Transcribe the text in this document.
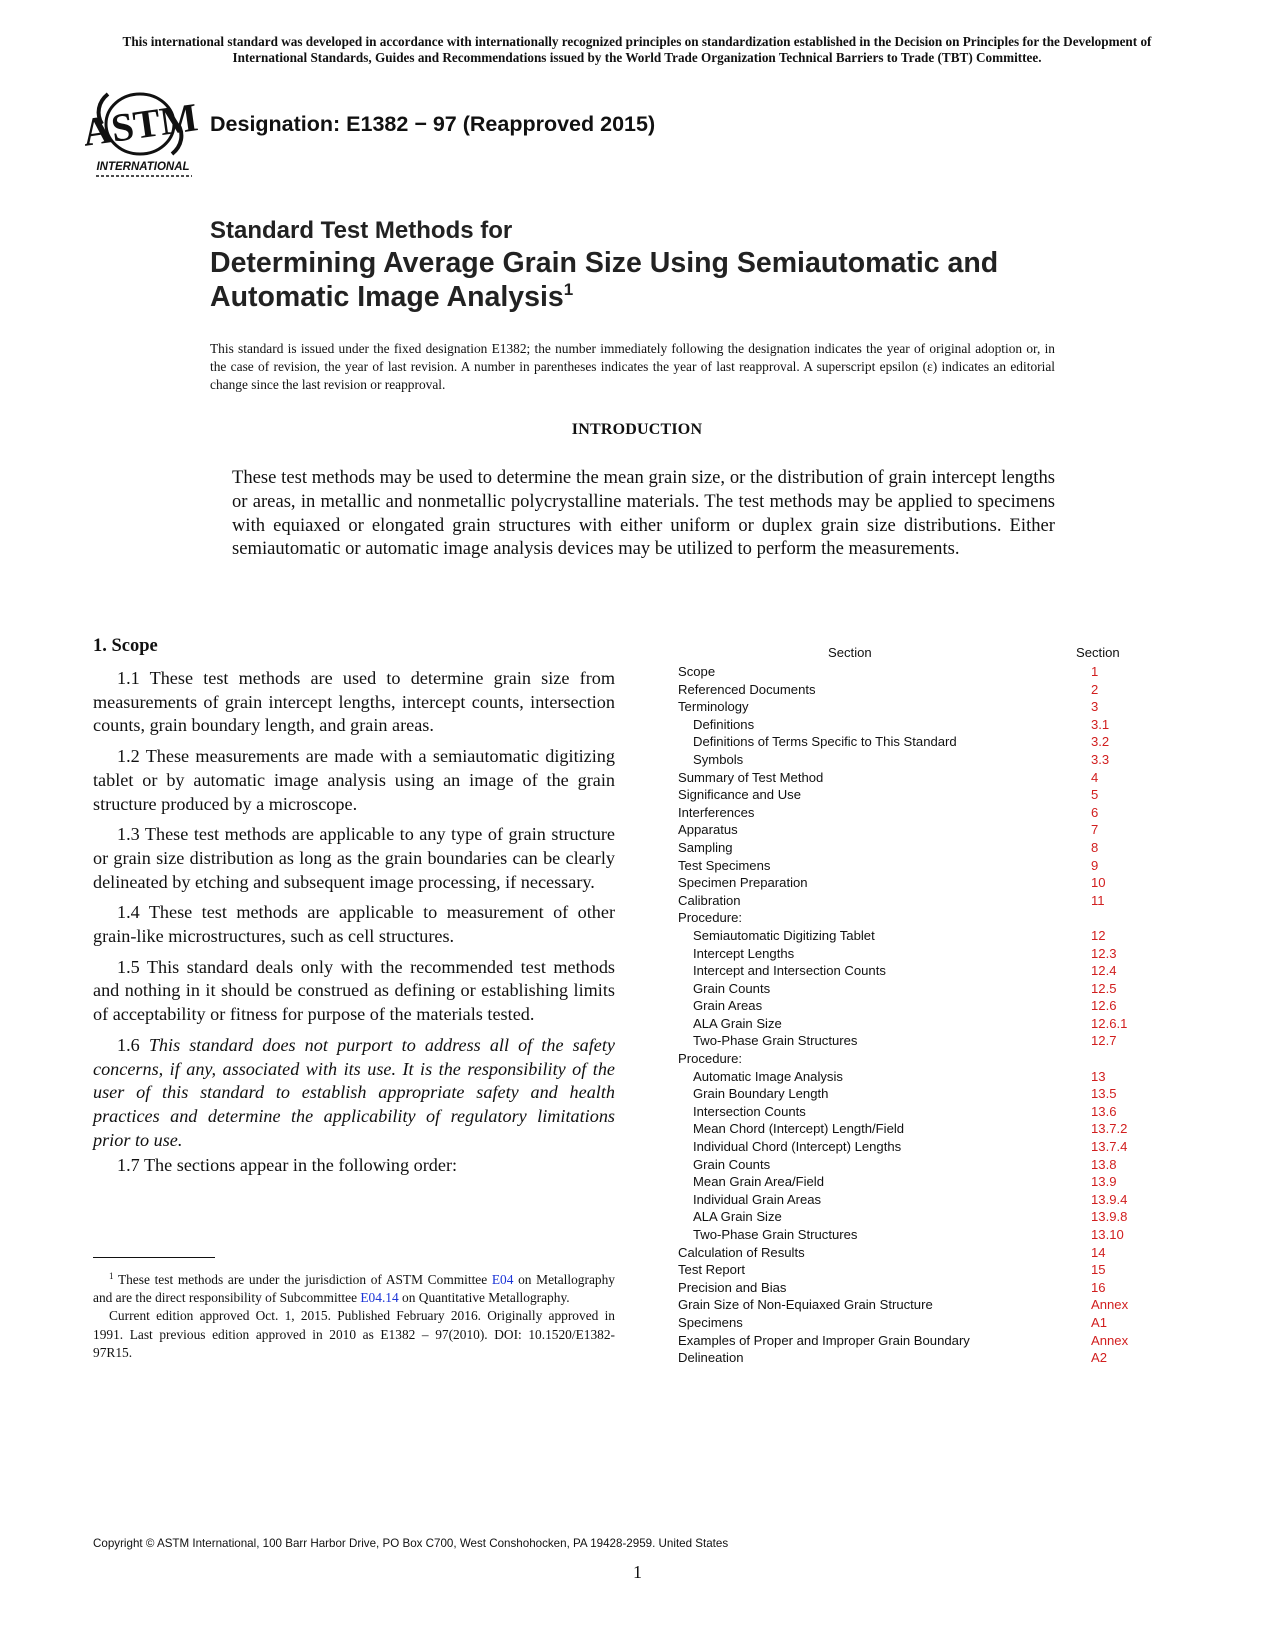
This international standard was developed in accordance with internationally recognized principles on standardization established in the Decision on Principles for the Development of International Standards, Guides and Recommendations issued by the World Trade Organization Technical Barriers to Trade (TBT) Committee.
ASTM
INTERNATIONAL
Designation: E1382 − 97 (Reapproved 2015)
Standard Test Methods for
Determining Average Grain Size Using Semiautomatic and
Automatic Image Analysis$^1$
This standard is issued under the fixed designation E1382; the number immediately following the designation indicates the year of original adoption or, in the case of revision, the year of last revision. A number in parentheses indicates the year of last reapproval. A superscript epsilon (ε) indicates an editorial change since the last revision or reapproval.
INTRODUCTION

These test methods may be used to determine the mean grain size, or the distribution of grain intercept lengths or areas, in metallic and nonmetallic polycrystalline materials. The test methods may be applied to specimens with equiaxed or elongated grain structures with either uniform or duplex grain size distributions. Either semiautomatic or automatic image analysis devices may be utilized to perform the measurements.

1. Scope

1.1 These test methods are used to determine grain size from measurements of grain intercept lengths, intercept counts, intersection counts, grain boundary length, and grain areas.

1.2 These measurements are made with a semiautomatic digitizing tablet or by automatic image analysis using an image of the grain structure produced by a microscope.

1.3 These test methods are applicable to any type of grain structure or grain size distribution as long as the grain boundaries can be clearly delineated by etching and subsequent image processing, if necessary.

1.4 These test methods are applicable to measurement of other grain-like microstructures, such as cell structures.

1.5 This standard deals only with the recommended test methods and nothing in it should be construed as defining or establishing limits of acceptability or fitness for purpose of the materials tested.

1.6 This standard does not purport to address all of the safety concerns, if any, associated with its use. It is the responsibility of the user of this standard to establish appropriate safety and health practices and determine the applicability of regulatory limitations prior to use.

1.7 The sections appear in the following order:

$^1$ These test methods are under the jurisdiction of ASTM Committee E04 on Metallography and are the direct responsibility of Subcommittee E04.14 on Quantitative Metallography.

Current edition approved Oct. 1, 2015. Published February 2016. Originally approved in 1991. Last previous edition approved in 2010 as E1382 – 97(2010). DOI: 10.1520/E1382-97R15.

Section	Section
Scope	1
Referenced Documents	2
Terminology	3
Definitions	3.1
Definitions of Terms Specific to This Standard	3.2
Symbols	3.3
Summary of Test Method	4
Significance and Use	5
Interferences	6
Apparatus	7
Sampling	8
Test Specimens	9
Specimen Preparation	10
Calibration	11
Procedure:
Semiautomatic Digitizing Tablet	12
Intercept Lengths	12.3
Intercept and Intersection Counts	12.4
Grain Counts	12.5
Grain Areas	12.6
ALA Grain Size	12.6.1
Two-Phase Grain Structures	12.7
Procedure:
Automatic Image Analysis	13
Grain Boundary Length	13.5
Intersection Counts	13.6
Mean Chord (Intercept) Length/Field	13.7.2
Individual Chord (Intercept) Lengths	13.7.4
Grain Counts	13.8
Mean Grain Area/Field	13.9
Individual Grain Areas	13.9.4
ALA Grain Size	13.9.8
Two-Phase Grain Structures	13.10
Calculation of Results	14
Test Report	15
Precision and Bias	16
Grain Size of Non-Equiaxed Grain Structure	Annex
Specimens	A1
Examples of Proper and Improper Grain Boundary	Annex
Delineation	A2
Copyright © ASTM International, 100 Barr Harbor Drive, PO Box C700, West Conshohocken, PA 19428-2959. United States
1
